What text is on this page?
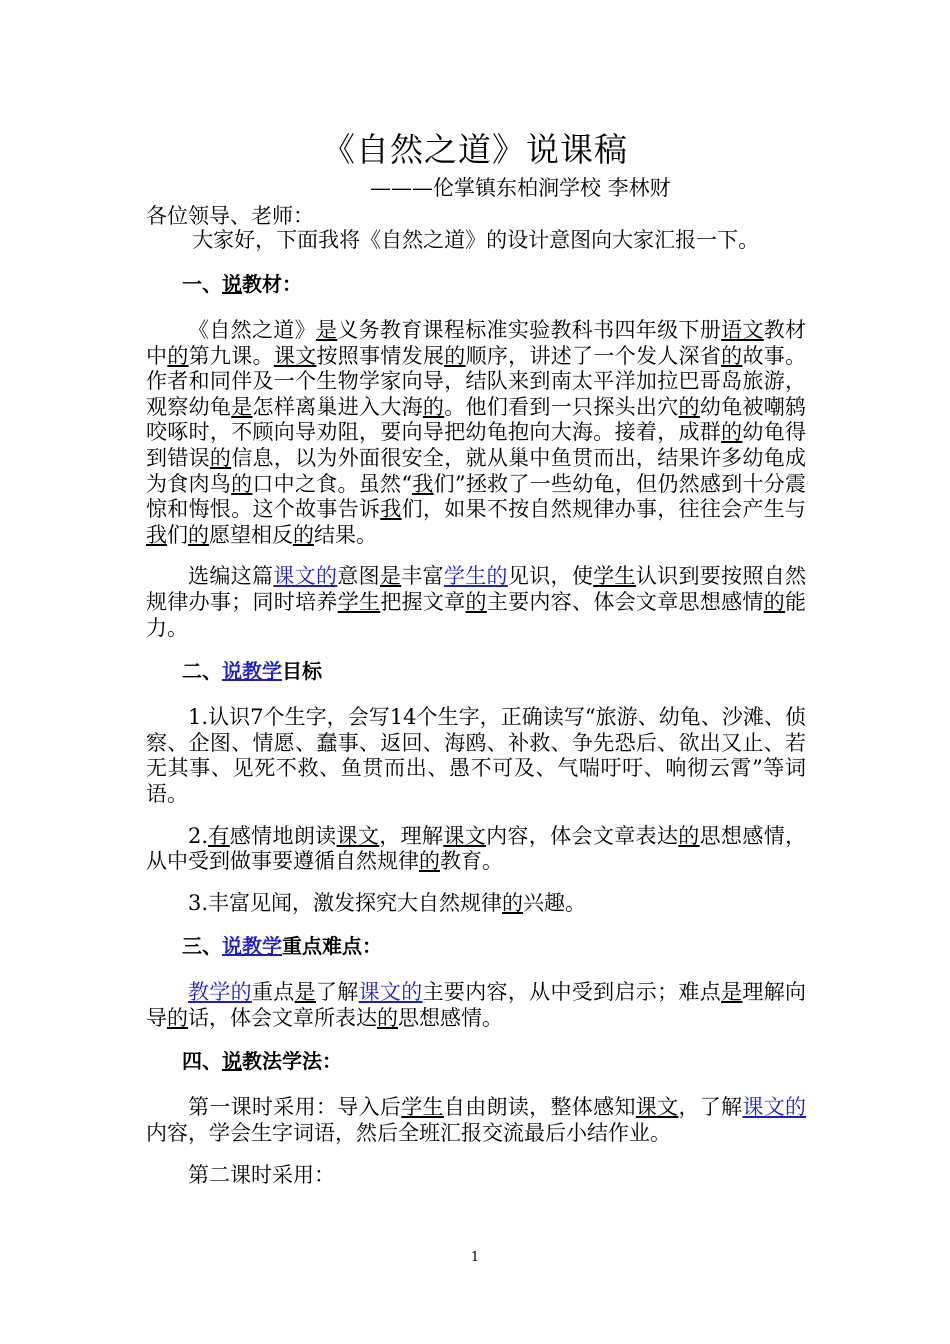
《自然之道》说课稿
———伦掌镇东柏涧学校 李林财
各位领导、老师：

大家好，下面我将《自然之道》的设计意图向大家汇报一下。

一、说教材：

《自然之道》是义务教育课程标准实验教科书四年级下册语文教材中的第九课。课文按照事情发展的顺序，讲述了一个发人深省的故事。作者和同伴及一个生物学家向导，结队来到南太平洋加拉巴哥岛旅游，观察幼龟是怎样离巢进入大海的。他们看到一只探头出穴的幼龟被嘲鸫咬啄时，不顾向导劝阻，要向导把幼龟抱向大海。接着，成群的幼龟得到错误的信息，以为外面很安全，就从巢中鱼贯而出，结果许多幼龟成为食肉鸟的口中之食。虽然“我们”拯救了一些幼龟，但仍然感到十分震惊和悔恨。这个故事告诉我们，如果不按自然规律办事，往往会产生与我们的愿望相反的结果。

选编这篇课文的意图是丰富学生的见识，使学生认识到要按照自然规律办事；同时培养学生把握文章的主要内容、体会文章思想感情的能力。

二、说教学目标

1.认识7个生字，会写14个生字，正确读写“旅游、幼龟、沙滩、侦察、企图、情愿、蠢事、返回、海鸥、补救、争先恐后、欲出又止、若无其事、见死不救、鱼贯而出、愚不可及、气喘吁吁、响彻云霄”等词语。

2.有感情地朗读课文，理解课文内容，体会文章表达的思想感情，从中受到做事要遵循自然规律的教育。

3.丰富见闻，激发探究大自然规律的兴趣。

三、说教学重点难点：

教学的重点是了解课文的主要内容，从中受到启示；难点是理解向导的话，体会文章所表达的思想感情。

四、说教法学法：

第一课时采用：导入后学生自由朗读，整体感知课文，了解课文的内容，学会生字词语，然后全班汇报交流最后小结作业。

第二课时采用：

1
